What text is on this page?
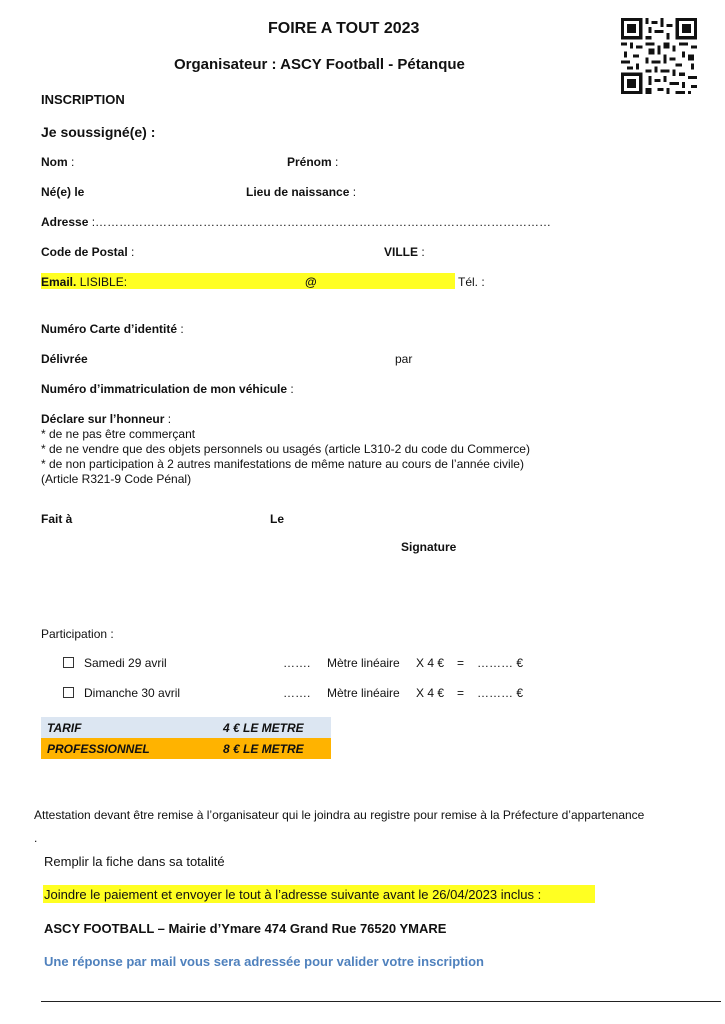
FOIRE A TOUT 2023
Organisateur : ASCY Football - Pétanque
INSCRIPTION
Je soussigné(e) :
Nom :	Prénom :
Né(e) le	Lieu de naissance :
Adresse :……………………………………………………………………………………………………
Code de Postal :	VILLE :
Email. LISIBLE:	@	Tél. :
Numéro Carte d’identité :
Délivrée	par
Numéro d’immatriculation de mon véhicule :
Déclare sur l’honneur :
* de ne pas être commerçant
* de ne vendre que des objets personnels ou usagés (article L310-2 du code du Commerce)
* de non participation à 2 autres manifestations de même nature au cours de l’année civile)
(Article R321-9 Code Pénal)
Fait à	Le
Signature
Participation :
Samedi 29 avril	……. Mètre linéaire X 4 € = ……… €
Dimanche 30 avril	……. Mètre linéaire X 4 € = ……… €
TARIF	4 € LE METRE
PROFESSIONNEL	8 € LE METRE
Attestation devant être remise à l’organisateur qui le joindra au registre pour remise à la Préfecture d’appartenance
.
Remplir la fiche dans sa totalité
Joindre le paiement et envoyer le tout à l’adresse suivante avant le 26/04/2023 inclus :
ASCY FOOTBALL – Mairie d’Ymare 474 Grand Rue 76520 YMARE
Une réponse par mail vous sera adressée pour valider votre inscription
